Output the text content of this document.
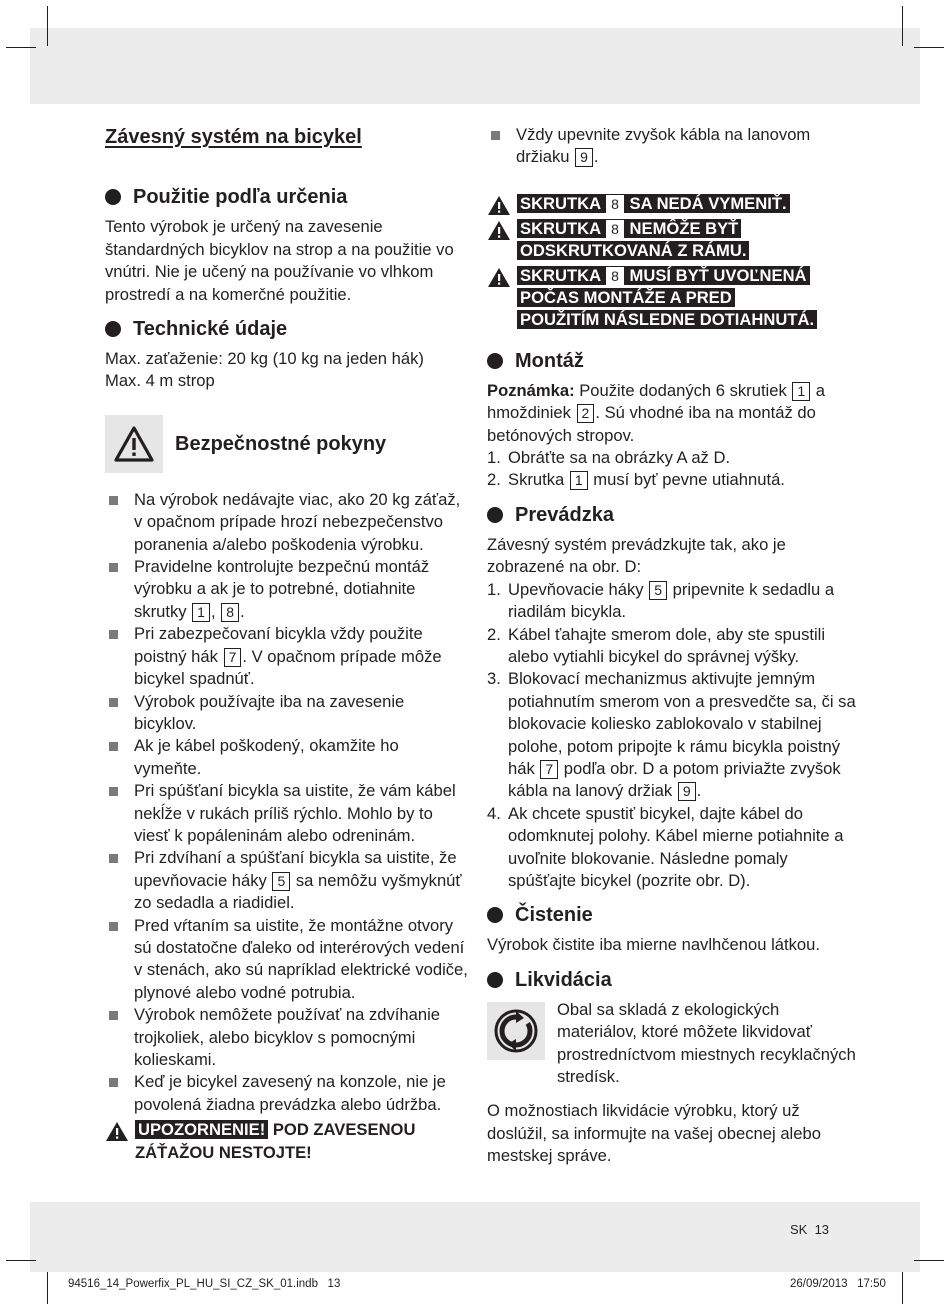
Závesný systém na bicykel

Použitie podľa určenia

Tento výrobok je určený na zavesenie štandardných bicyklov na strop a na použitie vo vnútri. Nie je učený na používanie vo vlhkom prostredí a na komerčné použitie.

Technické údaje

Max. zaťaženie: 20 kg (10 kg na jeden hák)

Max. 4 m strop

Bezpečnostné pokyny
Na výrobok nedávajte viac, ako 20 kg záťaž, v opačnom prípade hrozí nebezpečenstvo poranenia a/alebo poškodenia výrobku.
Pravidelne kontrolujte bezpečnú montáž výrobku a ak je to potrebné, dotiahnite skrutky 1 , 8 .
Pri zabezpečovaní bicykla vždy použite poistný hák 7 . V opačnom prípade môže bicykel spadnúť.
Výrobok používajte iba na zavesenie bicyklov.
Ak je kábel poškodený, okamžite ho vymeňte.
Pri spúšťaní bicykla sa uistite, že vám kábel nekĺže v rukách príliš rýchlo. Mohlo by to viesť k popáleninám alebo odreninám.
Pri zdvíhaní a spúšťaní bicykla sa uistite, že upevňovacie háky 5 sa nemôžu vyšmyknúť zo sedadla a riadidiel.
Pred vŕtaním sa uistite, že montážne otvory sú dostatočne ďaleko od interérových vedení v stenách, ako sú napríklad elektrické vodiče, plynové alebo vodné potrubia.
Výrobok nemôžete používať na zdvíhanie trojkoliek, alebo bicyklov s pomocnými kolieskami.
Keď je bicykel zavesený na konzole, nie je povolená žiadna prevádzka alebo údržba.
UPOZORNENIE! POD ZAVESENOU ZÁŤAŽOU NESTOJTE!
Vždy upevnite zvyšok kábla na lanovom držiaku 9 .
SKRUTKA 8 SA NEDÁ VYMENIŤ.
SKRUTKA 8 NEMÔŽE BYŤ
ODSKRUTKOVANÁ Z RÁMU.
SKRUTKA 8 MUSÍ BYŤ UVOĽNENÁ
POČAS MONTÁŽE A PRED
POUŽITÍM NÁSLEDNE DOTIAHNUTÁ.
Montáž

Poznámka: Použite dodaných 6 skrutiek 1 a hmoždiniek 2 . Sú vhodné iba na montáž do betónových stropov.

1. Obráťte sa na obrázky A až D.
2. Skrutka 1 musí byť pevne utiahnutá.
Prevádzka

Závesný systém prevádzkujte tak, ako je zobrazené na obr. D:

1. Upevňovacie háky 5 pripevnite k sedadlu a riadilám bicykla.
2. Kábel ťahajte smerom dole, aby ste spustili alebo vytiahli bicykel do správnej výšky.
3. Blokovací mechanizmus aktivujte jemným potiahnutím smerom von a presvedčte sa, či sa blokovacie koliesko zablokovalo v stabilnej polohe, potom pripojte k rámu bicykla poistný hák 7 podľa obr. D a potom priviažte zvyšok kábla na lanový držiak 9 .
4. Ak chcete spustiť bicykel, dajte kábel do odomknutej polohy. Kábel mierne potiahnite a uvoľnite blokovanie. Následne pomaly spúšťajte bicykel (pozrite obr. D).
Čistenie

Výrobok čistite iba mierne navlhčenou látkou.

Likvidácia

Obal sa skladá z ekologických materiálov, ktoré môžete likvidovať prostredníctvom miestnych recyklačných stredísk.

O možnostiach likvidácie výrobku, ktorý už doslúžil, sa informujte na vašej obecnej alebo mestskej správe.

SK 13
94516_14_Powerfix_PL_HU_SI_CZ_SK_01.indb   13	26/09/2013   17:50
